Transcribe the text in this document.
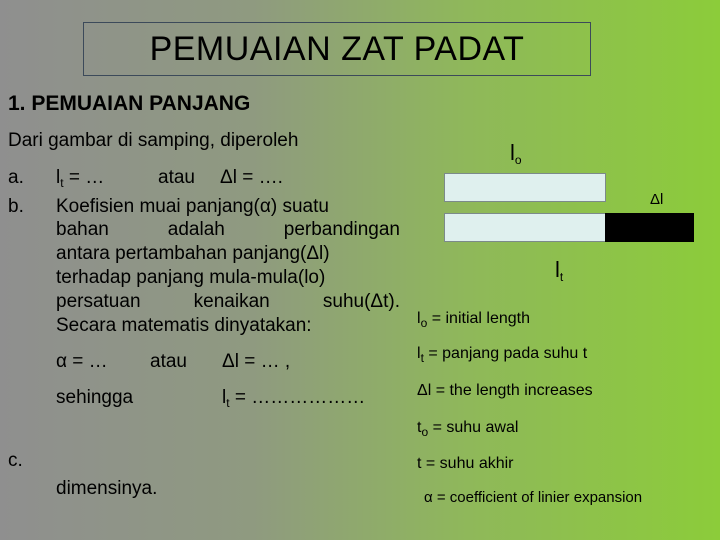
PEMUAIAN ZAT PADAT
1. PEMUAIAN PANJANG
Dari gambar di samping, diperoleh
a. $l_t$ = …	atau Δl = ….
b. Koefisien muai panjang(α) suatu
bahan adalah perbandingan
antara pertambahan panjang(Δl)
terhadap panjang mula-mula(lo)
persatuan kenaikan suhu(Δt).
Secara matematis dinyatakan:
α = … atau Δl = … ,
sehingga	$l_t$ = ………………
c.
dimensinya.
$l_o$
Δl
$l_t$
$l_o$ = initial length
$l_t$ = panjang pada suhu t
Δl = the length increases
$t_o$ = suhu awal
t = suhu akhir
α = coefficient of linier expansion
